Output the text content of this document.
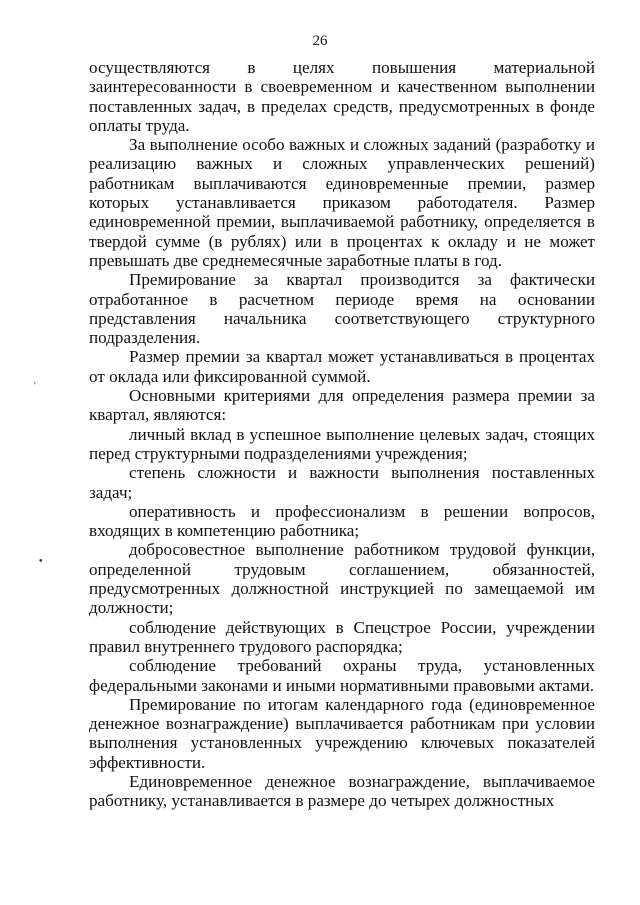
26

осуществляются в целях повышения материальной заинтересованности в своевременном и качественном выполнении поставленных задач, в пределах средств, предусмотренных в фонде оплаты труда.

За выполнение особо важных и сложных заданий (разработку и реализацию важных и сложных управленческих решений) работникам выплачиваются единовременные премии, размер которых устанавливается приказом работодателя. Размер единовременной премии, выплачиваемой работнику, определяется в твердой сумме (в рублях) или в процентах к окладу и не может превышать две среднемесячные заработные платы в год.

Премирование за квартал производится за фактически отработанное в расчетном периоде время на основании представления начальника соответствующего структурного подразделения.

Размер премии за квартал может устанавливаться в процентах от оклада или фиксированной суммой.

Основными критериями для определения размера премии за квартал, являются:

личный вклад в успешное выполнение целевых задач, стоящих перед структурными подразделениями учреждения;

степень сложности и важности выполнения поставленных задач;

оперативность и профессионализм в решении вопросов, входящих в компетенцию работника;

добросовестное выполнение работником трудовой функции, определенной трудовым соглашением, обязанностей, предусмотренных должностной инструкцией по замещаемой им должности;

соблюдение действующих в Спецстрое России, учреждении правил внутреннего трудового распорядка;

соблюдение требований охраны труда, установленных федеральными законами и иными нормативными правовыми актами.

Премирование по итогам календарного года (единовременное денежное вознаграждение) выплачивается работникам при условии выполнения установленных учреждению ключевых показателей эффективности.

Единовременное денежное вознаграждение, выплачиваемое работнику, устанавливается в размере до четырех должностных

'
•
